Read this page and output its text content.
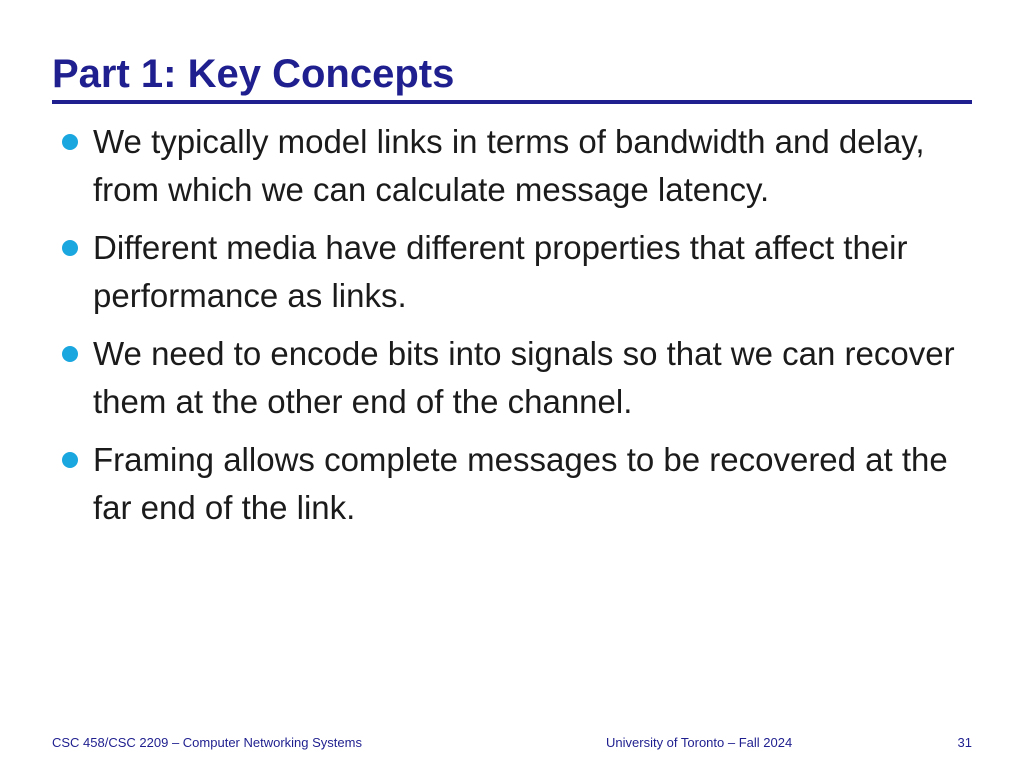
Part 1: Key Concepts
We typically model links in terms of bandwidth and delay, from which we can calculate message latency.
Different media have different properties that affect their performance as links.
We need to encode bits into signals so that we can recover them at the other end of the channel.
Framing allows complete messages to be recovered at the far end of the link.
CSC 458/CSC 2209 – Computer Networking Systems	University of Toronto – Fall 2024	31
